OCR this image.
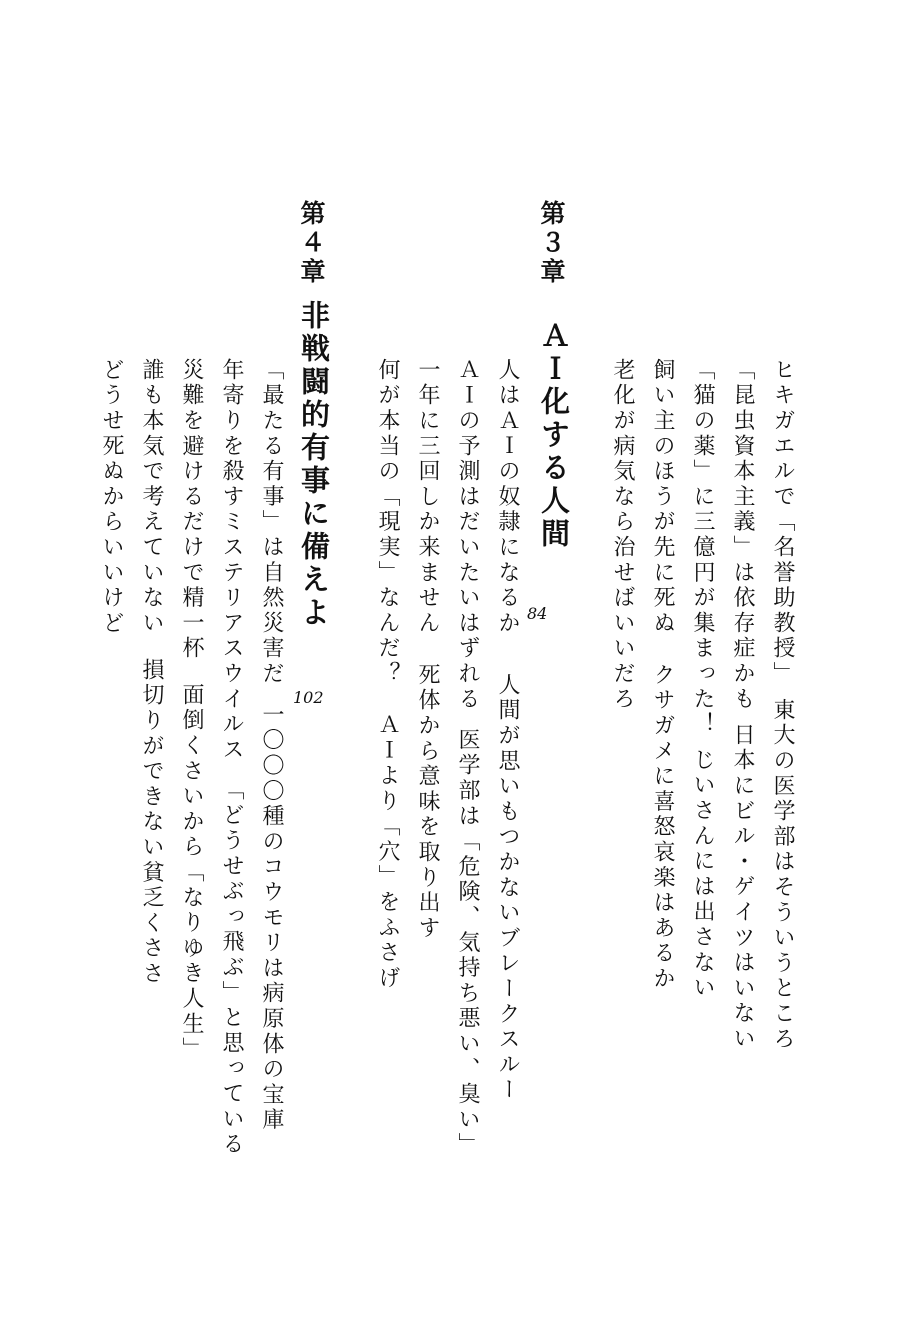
ヒキガエルで「名誉助教授」
東大の医学部はそういうところ
「昆虫資本主義」は依存症かも
日本にビル・ゲイツはいない
「猫の薬」に三億円が集まった！
じいさんには出さない
飼い主のほうが先に死ぬ
クサガメに喜怒哀楽はあるか
老化が病気なら治せばいいだろ
第３章
ＡＩ化する人間
84
人はＡＩの奴隷になるか
人間が思いもつかないブレークスルー
ＡＩの予測はだいたいはずれる
医学部は「危険、気持ち悪い、臭い」
一年に三回しか来ません
死体から意味を取り出す
何が本当の「現実」なんだ？
ＡＩより「穴」をふさげ
第４章
非戦闘的有事に備えよ
102
「最たる有事」は自然災害だ
一〇〇〇種のコウモリは病原体の宝庫
年寄りを殺すミステリアスウイルス
「どうせぶっ飛ぶ」と思っている
災難を避けるだけで精一杯
面倒くさいから「なりゆき人生」
誰も本気で考えていない
損切りができない貧乏くささ
どうせ死ぬからいいけど
